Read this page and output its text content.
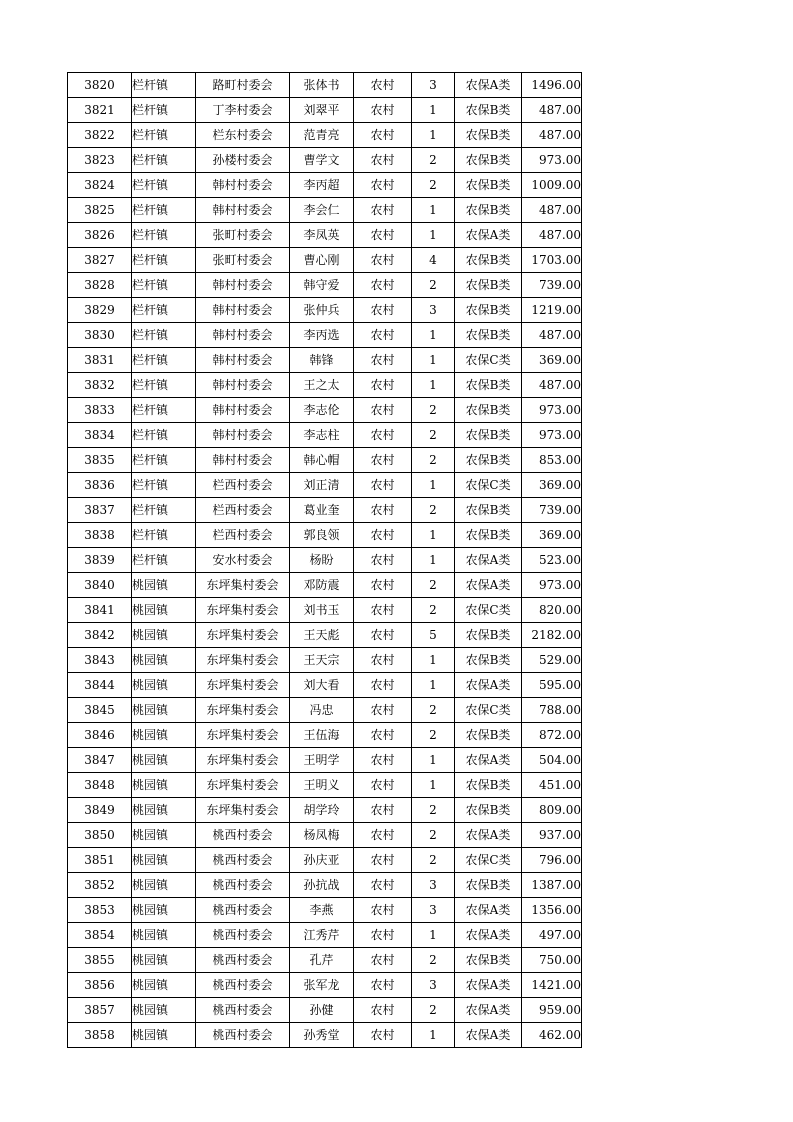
3820	栏杆镇	路町村委会	张体书	农村	3	农保A类	1496.00
3821	栏杆镇	丁李村委会	刘翠平	农村	1	农保B类	487.00
3822	栏杆镇	栏东村委会	范青亮	农村	1	农保B类	487.00
3823	栏杆镇	孙楼村委会	曹学文	农村	2	农保B类	973.00
3824	栏杆镇	韩村村委会	李丙超	农村	2	农保B类	1009.00
3825	栏杆镇	韩村村委会	李会仁	农村	1	农保B类	487.00
3826	栏杆镇	张町村委会	李凤英	农村	1	农保A类	487.00
3827	栏杆镇	张町村委会	曹心刚	农村	4	农保B类	1703.00
3828	栏杆镇	韩村村委会	韩守爱	农村	2	农保B类	739.00
3829	栏杆镇	韩村村委会	张仲兵	农村	3	农保B类	1219.00
3830	栏杆镇	韩村村委会	李丙选	农村	1	农保B类	487.00
3831	栏杆镇	韩村村委会	韩锋	农村	1	农保C类	369.00
3832	栏杆镇	韩村村委会	王之太	农村	1	农保B类	487.00
3833	栏杆镇	韩村村委会	李志伦	农村	2	农保B类	973.00
3834	栏杆镇	韩村村委会	李志柱	农村	2	农保B类	973.00
3835	栏杆镇	韩村村委会	韩心帽	农村	2	农保B类	853.00
3836	栏杆镇	栏西村委会	刘正清	农村	1	农保C类	369.00
3837	栏杆镇	栏西村委会	葛业奎	农村	2	农保B类	739.00
3838	栏杆镇	栏西村委会	郭良领	农村	1	农保B类	369.00
3839	栏杆镇	安水村委会	杨盼	农村	1	农保A类	523.00
3840	桃园镇	东坪集村委会	邓防震	农村	2	农保A类	973.00
3841	桃园镇	东坪集村委会	刘书玉	农村	2	农保C类	820.00
3842	桃园镇	东坪集村委会	王天彪	农村	5	农保B类	2182.00
3843	桃园镇	东坪集村委会	王天宗	农村	1	农保B类	529.00
3844	桃园镇	东坪集村委会	刘大看	农村	1	农保A类	595.00
3845	桃园镇	东坪集村委会	冯忠	农村	2	农保C类	788.00
3846	桃园镇	东坪集村委会	王伍海	农村	2	农保B类	872.00
3847	桃园镇	东坪集村委会	王明学	农村	1	农保A类	504.00
3848	桃园镇	东坪集村委会	王明义	农村	1	农保B类	451.00
3849	桃园镇	东坪集村委会	胡学玲	农村	2	农保B类	809.00
3850	桃园镇	桃西村委会	杨凤梅	农村	2	农保A类	937.00
3851	桃园镇	桃西村委会	孙庆亚	农村	2	农保C类	796.00
3852	桃园镇	桃西村委会	孙抗战	农村	3	农保B类	1387.00
3853	桃园镇	桃西村委会	李燕	农村	3	农保A类	1356.00
3854	桃园镇	桃西村委会	江秀芹	农村	1	农保A类	497.00
3855	桃园镇	桃西村委会	孔芹	农村	2	农保B类	750.00
3856	桃园镇	桃西村委会	张军龙	农村	3	农保A类	1421.00
3857	桃园镇	桃西村委会	孙健	农村	2	农保A类	959.00
3858	桃园镇	桃西村委会	孙秀堂	农村	1	农保A类	462.00
